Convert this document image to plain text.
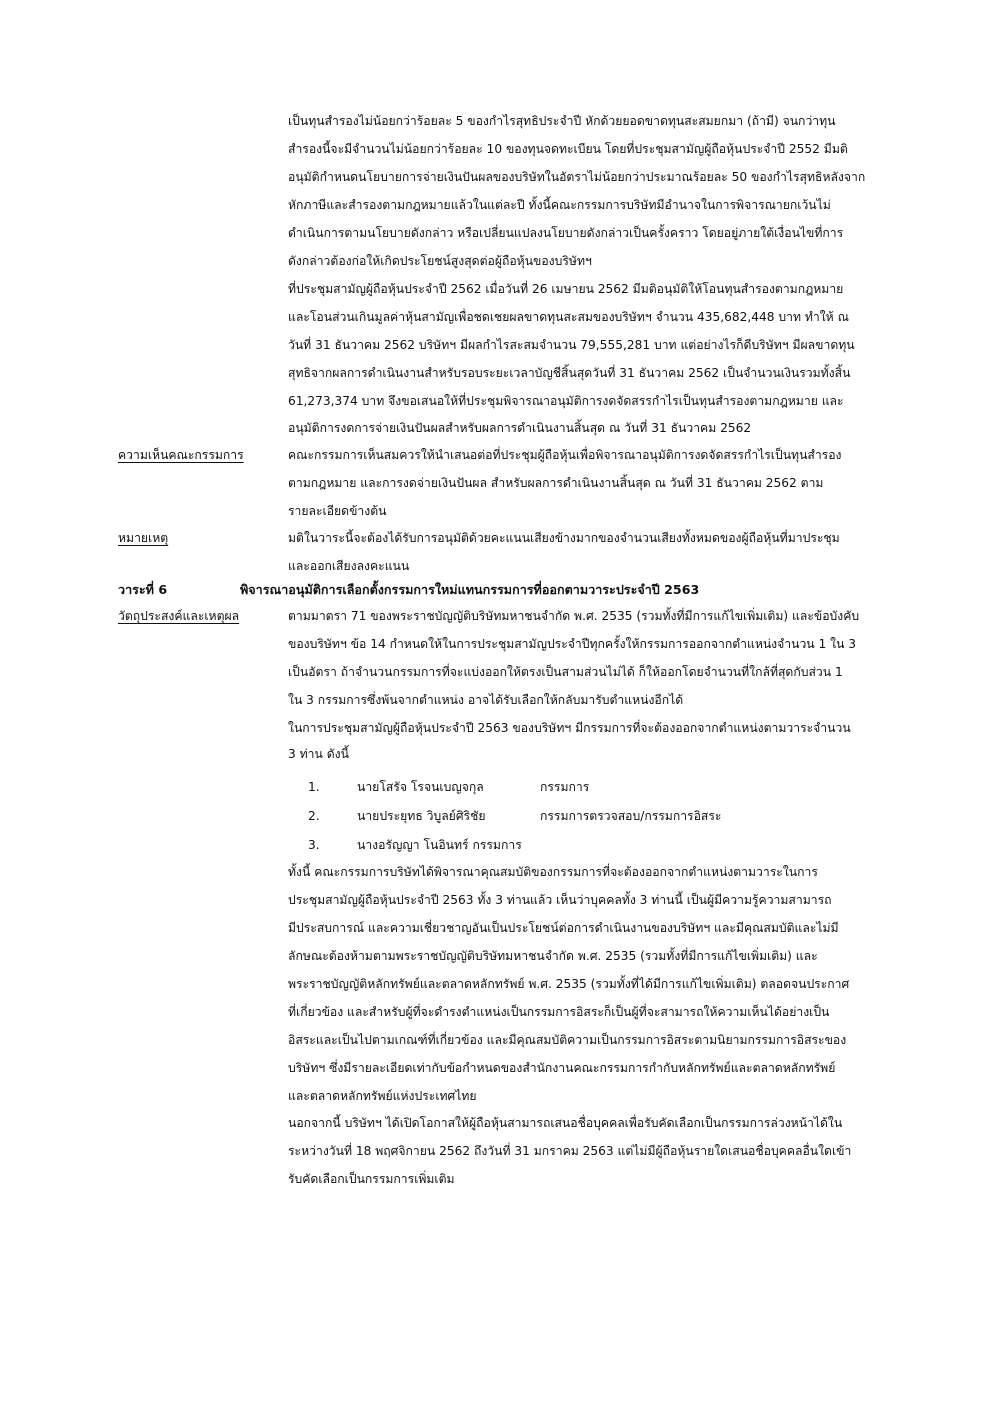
เป็นทุนสำรองไม่น้อยกว่าร้อยละ 5 ของกำไรสุทธิประจำปี หักด้วยยอดขาดทุนสะสมยกมา (ถ้ามี) จนกว่าทุน
สำรองนี้จะมีจำนวนไม่น้อยกว่าร้อยละ 10 ของทุนจดทะเบียน โดยที่ประชุมสามัญผู้ถือหุ้นประจำปี 2552 มีมติ
อนุมัติกำหนดนโยบายการจ่ายเงินปันผลของบริษัทในอัตราไม่น้อยกว่าประมาณร้อยละ 50 ของกำไรสุทธิหลังจาก
หักภาษีและสำรองตามกฎหมายแล้วในแต่ละปี ทั้งนี้คณะกรรมการบริษัทมีอำนาจในการพิจารณายกเว้นไม่
ดำเนินการตามนโยบายดังกล่าว หรือเปลี่ยนแปลงนโยบายดังกล่าวเป็นครั้งคราว โดยอยู่ภายใต้เงื่อนไขที่การ
ดังกล่าวต้องก่อให้เกิดประโยชน์สูงสุดต่อผู้ถือหุ้นของบริษัทฯ
ที่ประชุมสามัญผู้ถือหุ้นประจำปี 2562 เมื่อวันที่ 26 เมษายน 2562 มีมติอนุมัติให้โอนทุนสำรองตามกฎหมาย
และโอนส่วนเกินมูลค่าหุ้นสามัญเพื่อชดเชยผลขาดทุนสะสมของบริษัทฯ จำนวน 435,682,448 บาท ทำให้ ณ
วันที่ 31 ธันวาคม 2562 บริษัทฯ มีผลกำไรสะสมจำนวน 79,555,281 บาท แต่อย่างไรก็ดีบริษัทฯ มีผลขาดทุน
สุทธิจากผลการดำเนินงานสำหรับรอบระยะเวลาบัญชีสิ้นสุดวันที่ 31 ธันวาคม 2562 เป็นจำนวนเงินรวมทั้งสิ้น
61,273,374 บาท จึงขอเสนอให้ที่ประชุมพิจารณาอนุมัติการงดจัดสรรกำไรเป็นทุนสำรองตามกฎหมาย และ
อนุมัติการงดการจ่ายเงินปันผลสำหรับผลการดำเนินงานสิ้นสุด ณ วันที่ 31 ธันวาคม 2562
ความเห็นคณะกรรมการ	คณะกรรมการเห็นสมควรให้นำเสนอต่อที่ประชุมผู้ถือหุ้นเพื่อพิจารณาอนุมัติการงดจัดสรรกำไรเป็นทุนสำรอง
ตามกฎหมาย และการงดจ่ายเงินปันผล สำหรับผลการดำเนินงานสิ้นสุด ณ วันที่ 31 ธันวาคม 2562 ตาม
รายละเอียดข้างต้น
หมายเหตุ	มติในวาระนี้จะต้องได้รับการอนุมัติด้วยคะแนนเสียงข้างมากของจำนวนเสียงทั้งหมดของผู้ถือหุ้นที่มาประชุม
และออกเสียงลงคะแนน
วาระที่ 6	พิจารณาอนุมัติการเลือกตั้งกรรมการใหม่แทนกรรมการที่ออกตามวาระประจำปี 2563
วัตถุประสงค์และเหตุผล	ตามมาตรา 71 ของพระราชบัญญัติบริษัทมหาชนจำกัด พ.ศ. 2535 (รวมทั้งที่มีการแก้ไขเพิ่มเติม) และข้อบังคับ
ของบริษัทฯ ข้อ 14 กำหนดให้ในการประชุมสามัญประจำปีทุกครั้งให้กรรมการออกจากตำแหน่งจำนวน 1 ใน 3
เป็นอัตรา ถ้าจำนวนกรรมการที่จะแบ่งออกให้ตรงเป็นสามส่วนไม่ได้ ก็ให้ออกโดยจำนวนที่ใกล้ที่สุดกับส่วน 1
ใน 3 กรรมการซึ่งพ้นจากตำแหน่ง อาจได้รับเลือกให้กลับมารับตำแหน่งอีกได้
ในการประชุมสามัญผู้ถือหุ้นประจำปี 2563 ของบริษัทฯ มีกรรมการที่จะต้องออกจากตำแหน่งตามวาระจำนวน
3 ท่าน ดังนี้
1.	นายโสรัจ โรจนเบญจกุล	กรรมการ
2.	นายประยุทธ วิบูลย์ศิริชัย	กรรมการตรวจสอบ/กรรมการอิสระ
3.	นางอรัญญา โนอินทร์ กรรมการ
ทั้งนี้ คณะกรรมการบริษัทได้พิจารณาคุณสมบัติของกรรมการที่จะต้องออกจากตำแหน่งตามวาระในการ
ประชุมสามัญผู้ถือหุ้นประจำปี 2563 ทั้ง 3 ท่านแล้ว เห็นว่าบุคคลทั้ง 3 ท่านนี้ เป็นผู้มีความรู้ความสามารถ
มีประสบการณ์ และความเชี่ยวชาญอันเป็นประโยชน์ต่อการดำเนินงานของบริษัทฯ และมีคุณสมบัติและไม่มี
ลักษณะต้องห้ามตามพระราชบัญญัติบริษัทมหาชนจำกัด พ.ศ. 2535 (รวมทั้งที่มีการแก้ไขเพิ่มเติม) และ
พระราชบัญญัติหลักทรัพย์และตลาดหลักทรัพย์ พ.ศ. 2535 (รวมทั้งที่ได้มีการแก้ไขเพิ่มเติม) ตลอดจนประกาศ
ที่เกี่ยวข้อง และสำหรับผู้ที่จะดำรงตำแหน่งเป็นกรรมการอิสระก็เป็นผู้ที่จะสามารถให้ความเห็นได้อย่างเป็น
อิสระและเป็นไปตามเกณฑ์ที่เกี่ยวข้อง และมีคุณสมบัติความเป็นกรรมการอิสระตามนิยามกรรมการอิสระของ
บริษัทฯ ซึ่งมีรายละเอียดเท่ากับข้อกำหนดของสำนักงานคณะกรรมการกำกับหลักทรัพย์และตลาดหลักทรัพย์
และตลาดหลักทรัพย์แห่งประเทศไทย
นอกจากนี้ บริษัทฯ ได้เปิดโอกาสให้ผู้ถือหุ้นสามารถเสนอชื่อบุคคลเพื่อรับคัดเลือกเป็นกรรมการล่วงหน้าได้ใน
ระหว่างวันที่ 18 พฤศจิกายน 2562 ถึงวันที่ 31 มกราคม 2563 แต่ไม่มีผู้ถือหุ้นรายใดเสนอชื่อบุคคลอื่นใดเข้า
รับคัดเลือกเป็นกรรมการเพิ่มเติม
